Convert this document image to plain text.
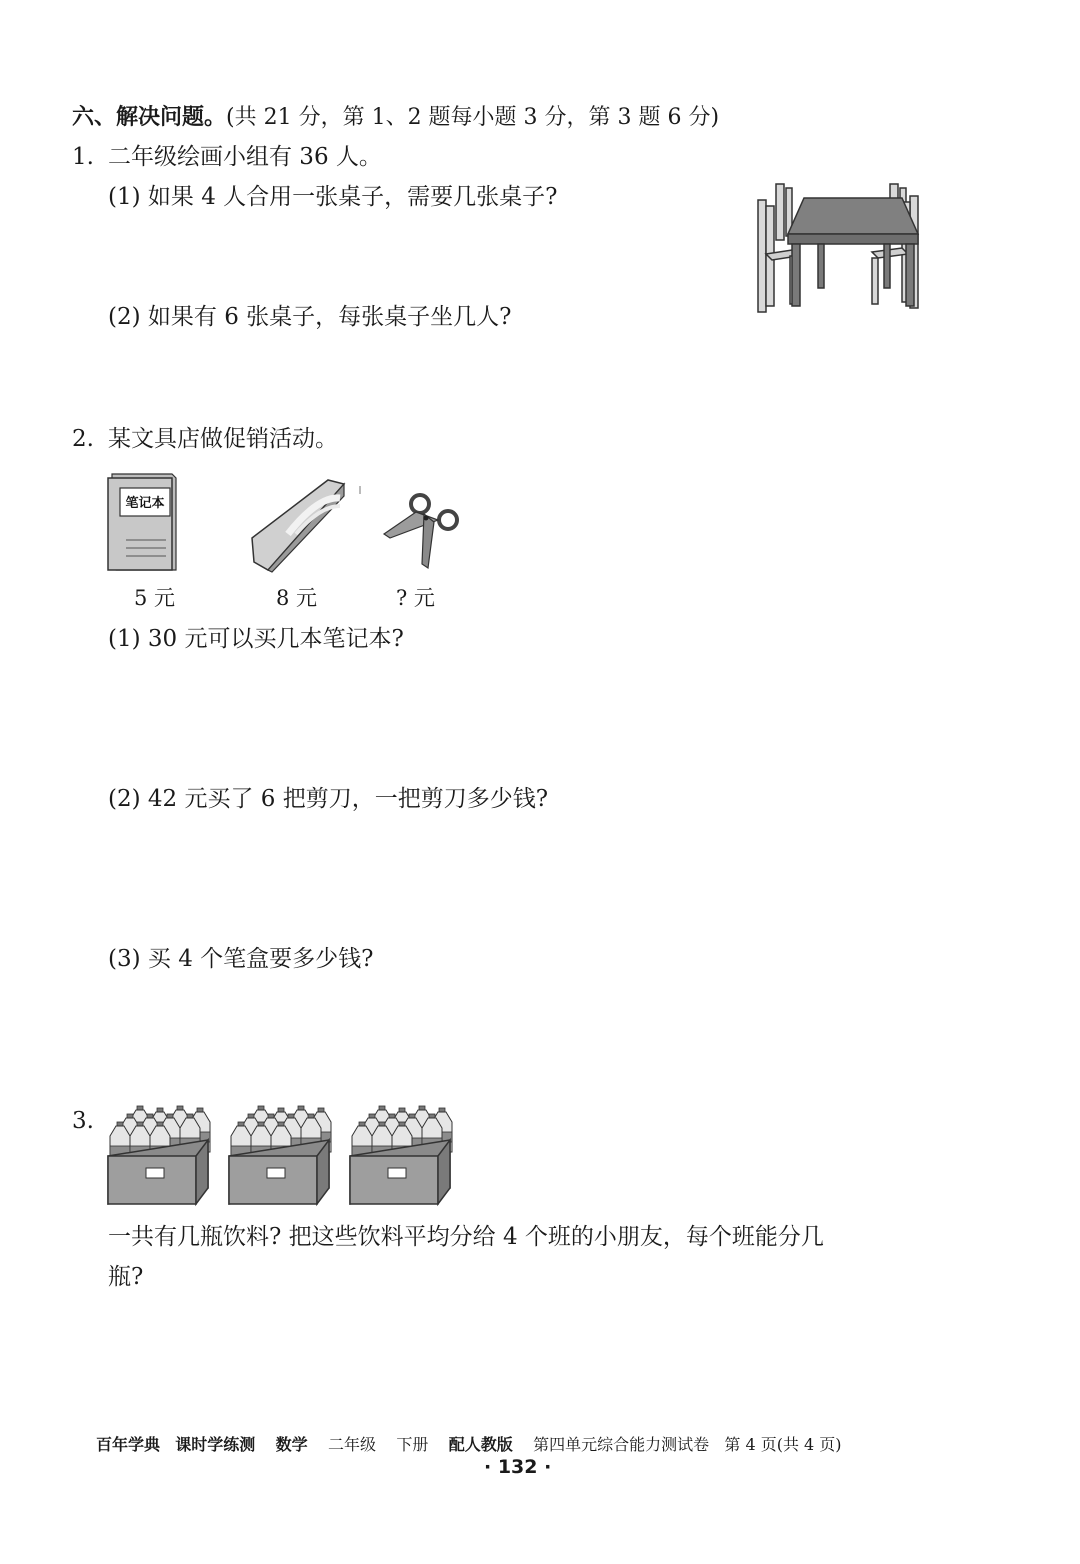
六、解决问题。(共 21 分，第 1、2 题每小题 3 分，第 3 题 6 分)
1. 二年级绘画小组有 36 人。
(1) 如果 4 人合用一张桌子，需要几张桌子?
(2) 如果有 6 张桌子，每张桌子坐几人?
2. 某文具店做促销活动。
笔记本
5 元	8 元	? 元
(1) 30 元可以买几本笔记本?
(2) 42 元买了 6 把剪刀，一把剪刀多少钱?
(3) 买 4 个笔盒要多少钱?
3.
一共有几瓶饮料? 把这些饮料平均分给 4 个班的小朋友，每个班能分几
瓶?
百年学典 课时学练测 数学 二年级 下册 配人教版 第四单元综合能力测试卷 第 4 页(共 4 页)
· 132 ·
